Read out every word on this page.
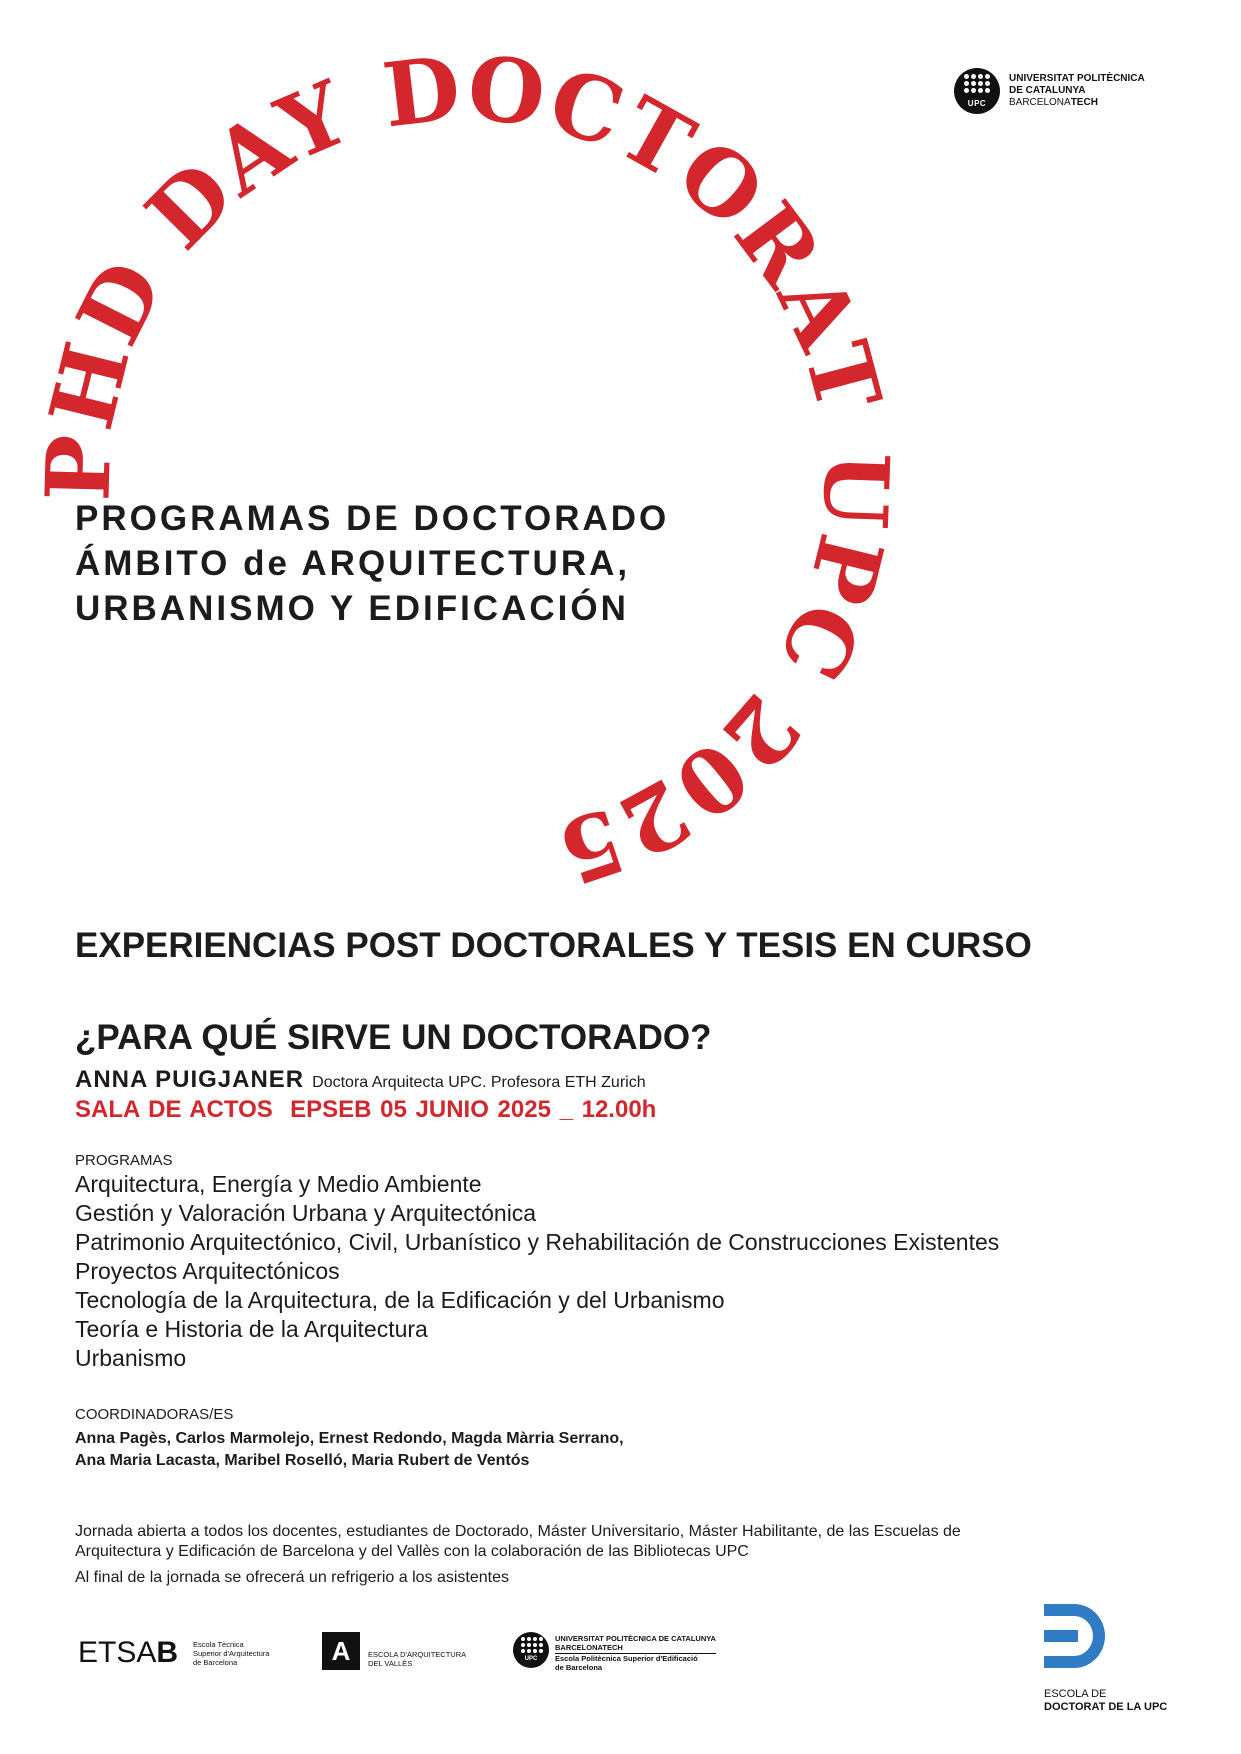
UPC
UNIVERSITAT POLITÈCNICA
DE CATALUNYA
BARCELONATECH
PHD DAY DOCTORAT UPC 2025
PROGRAMAS DE DOCTORADO
ÁMBITO de ARQUITECTURA,
URBANISMO Y EDIFICACIÓN
EXPERIENCIAS POST DOCTORALES Y TESIS EN CURSO
¿PARA QUÉ SIRVE UN DOCTORADO?
ANNA PUIGJANER Doctora Arquitecta UPC. Profesora ETH Zurich
SALA DE ACTOS  EPSEB 05 JUNIO 2025 _ 12.00h
PROGRAMAS
Arquitectura, Energía y Medio Ambiente
Gestión y Valoración Urbana y Arquitectónica
Patrimonio Arquitectónico, Civil, Urbanístico y Rehabilitación de Construcciones Existentes
Proyectos Arquitectónicos
Tecnología de la Arquitectura, de la Edificación y del Urbanismo
Teoría e Historia de la Arquitectura
Urbanismo
COORDINADORAS/ES
Anna Pagès, Carlos Marmolejo, Ernest Redondo, Magda Màrria Serrano,
Ana Maria Lacasta, Maribel Roselló, Maria Rubert de Ventós

Jornada abierta a todos los docentes, estudiantes de Doctorado, Máster Universitario, Máster Habilitante, de las Escuelas de

Arquitectura y Edificación de Barcelona y del Vallès con la colaboración de las Bibliotecas UPC

Al final de la jornada se ofrecerá un refrigerio a los asistentes

ETSAB Escola Tècnica
Superior d'Arquitectura
de Barcelona	A	ESCOLA D'ARQUITECTURA
DEL VALLÈS	UPC
UNIVERSITAT POLITÈCNICA DE CATALUNYA
BARCELONATECH
Escola Politècnica Superior d'Edificació
de Barcelona
ESCOLA DE
DOCTORAT DE LA UPC
